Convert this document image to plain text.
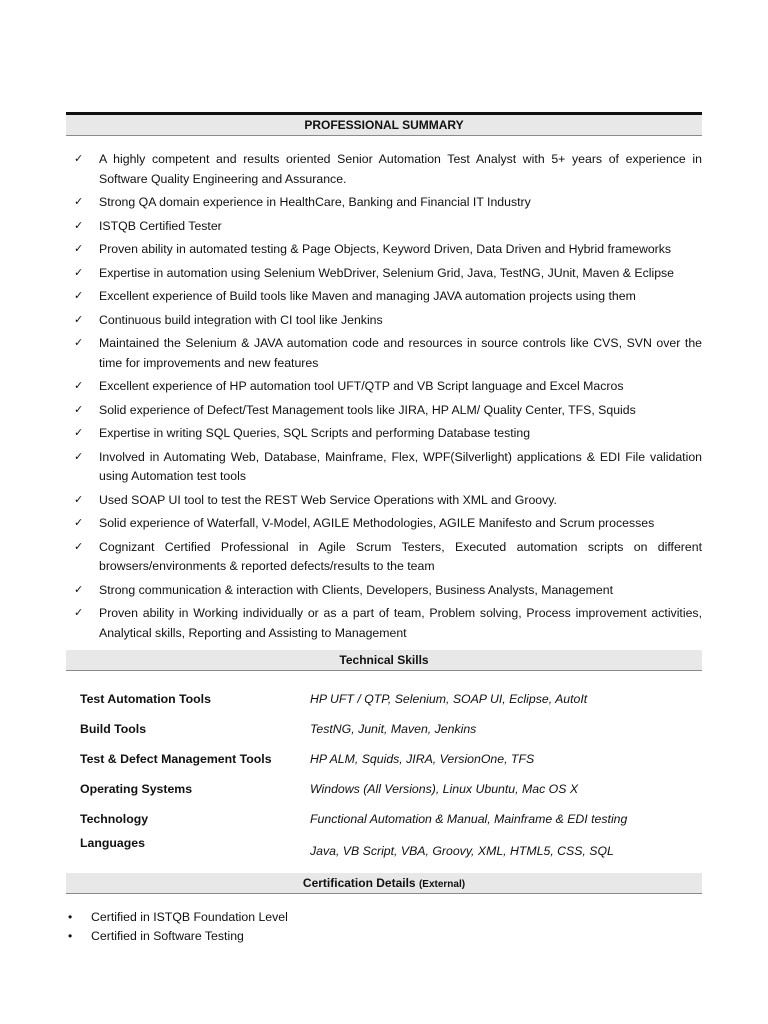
PROFESSIONAL SUMMARY
✓ A highly competent and results oriented Senior Automation Test Analyst with 5+ years of experience in Software Quality Engineering and Assurance.
✓ Strong QA domain experience in HealthCare, Banking and Financial IT Industry
✓ ISTQB Certified Tester
✓ Proven ability in automated testing & Page Objects, Keyword Driven, Data Driven and Hybrid frameworks
✓ Expertise in automation using Selenium WebDriver, Selenium Grid, Java, TestNG, JUnit, Maven & Eclipse
✓ Excellent experience of Build tools like Maven and managing JAVA automation projects using them
✓ Continuous build integration with CI tool like Jenkins
✓ Maintained the Selenium & JAVA automation code and resources in source controls like CVS, SVN over the time for improvements and new features
✓ Excellent experience of HP automation tool UFT/QTP and VB Script language and Excel Macros
✓ Solid experience of Defect/Test Management tools like JIRA, HP ALM/ Quality Center, TFS, Squids
✓ Expertise in writing SQL Queries, SQL Scripts and performing Database testing
✓ Involved in Automating Web, Database, Mainframe, Flex, WPF(Silverlight) applications & EDI File validation using Automation test tools
✓ Used SOAP UI tool to test the REST Web Service Operations with XML and Groovy.
✓ Solid experience of Waterfall, V-Model, AGILE Methodologies, AGILE Manifesto and Scrum processes
✓ Cognizant Certified Professional in Agile Scrum Testers, Executed automation scripts on different browsers/environments & reported defects/results to the team
✓ Strong communication & interaction with Clients, Developers, Business Analysts, Management
✓ Proven ability in Working individually or as a part of team, Problem solving, Process improvement activities, Analytical skills, Reporting and Assisting to Management
Technical Skills
Test Automation Tools	HP UFT / QTP, Selenium, SOAP UI, Eclipse, AutoIt
Build Tools	TestNG, Junit, Maven, Jenkins
Test & Defect Management Tools	HP ALM, Squids, JIRA, VersionOne, TFS
Operating Systems	Windows (All Versions), Linux Ubuntu, Mac OS X
Technology	Functional Automation & Manual, Mainframe & EDI testing
Languages	Java, VB Script, VBA, Groovy, XML, HTML5, CSS, SQL
Certification Details (External)
• Certified in ISTQB Foundation Level
• Certified in Software Testing
